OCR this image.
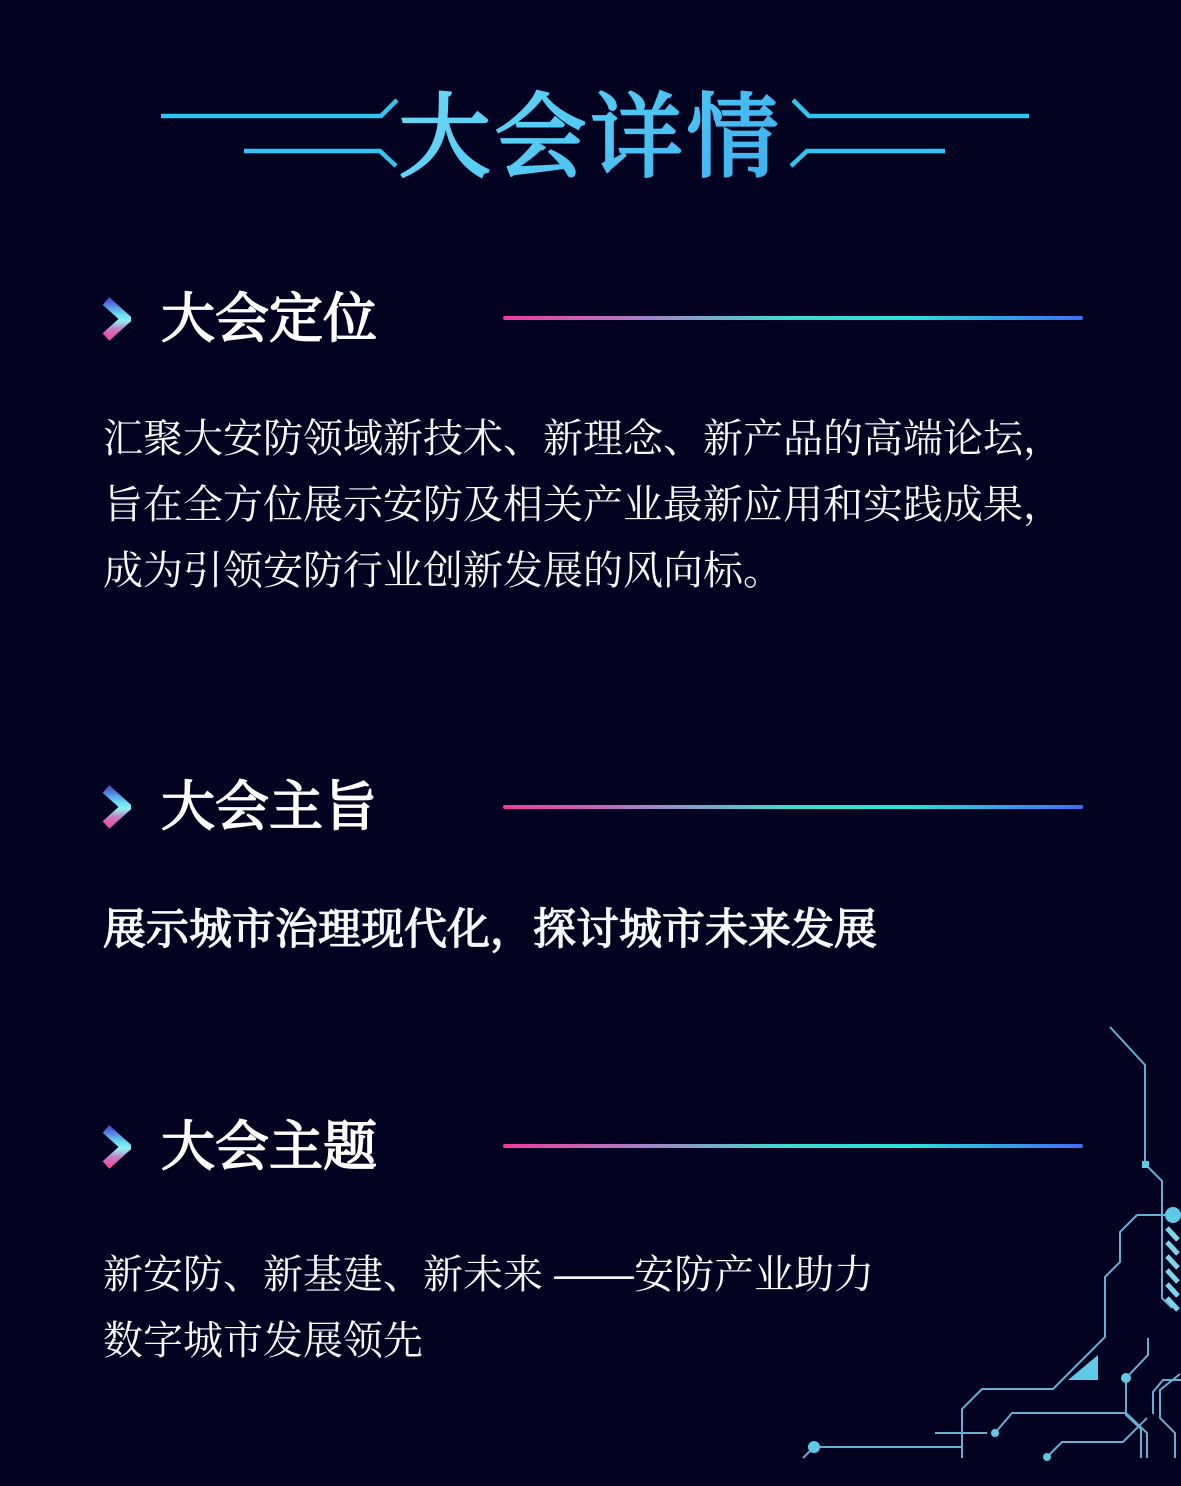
大会详情
大会定位
汇聚大安防领域新技术、新理念、新产品的高端论坛，
旨在全方位展示安防及相关产业最新应用和实践成果，
成为引领安防行业创新发展的风向标。
大会主旨
展示城市治理现代化，探讨城市未来发展
大会主题
新安防、新基建、新未来 ——安防产业助力
数字城市发展领先
